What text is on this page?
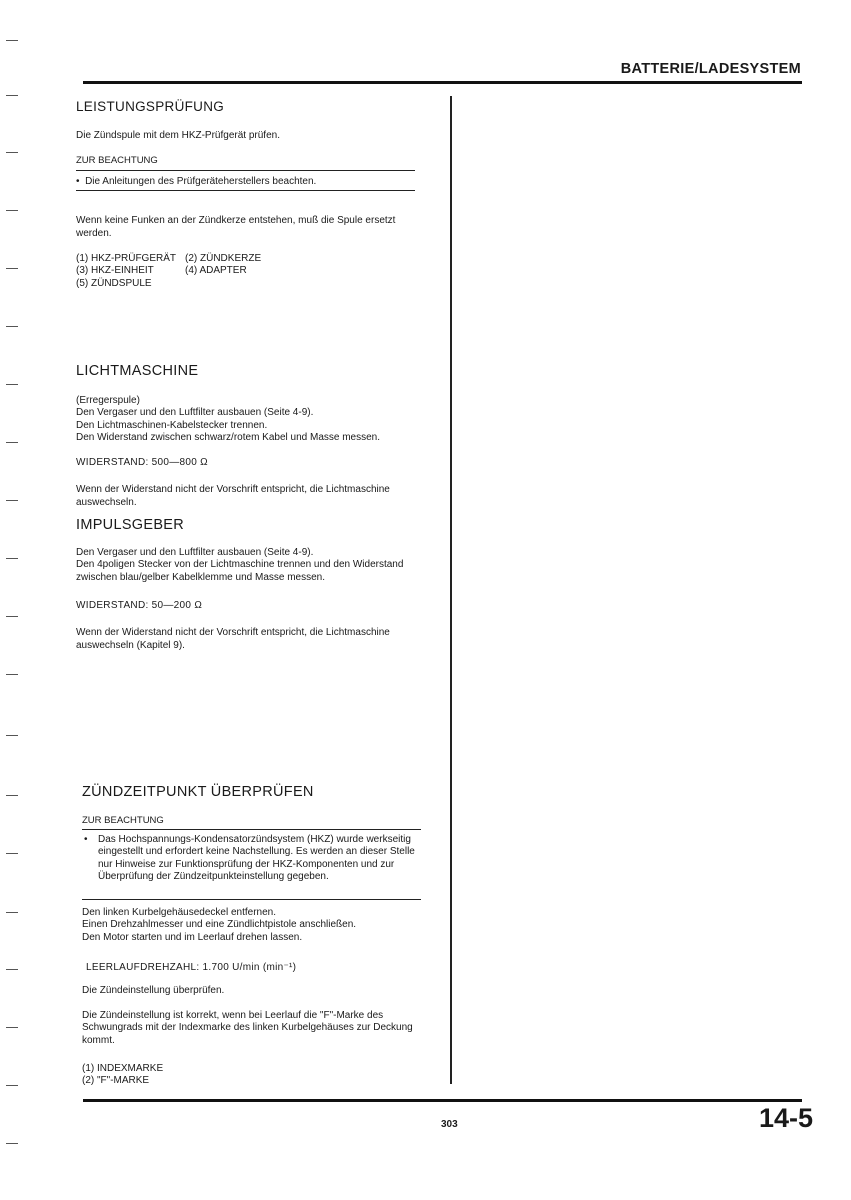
BATTERIE/LADESYSTEM
LEISTUNGSPRÜFUNG
Die Zündspule mit dem HKZ-Prüfgerät prüfen.
ZUR BEACHTUNG
•  Die Anleitungen des Prüfgeräteherstellers beachten.
Wenn keine Funken an der Zündkerze entstehen, muß die Spule ersetzt werden.
(1) HKZ-PRÜFGERÄT
(3) HKZ-EINHEIT
(5) ZÜNDSPULE
(2) ZÜNDKERZE
(4) ADAPTER
LICHTMASCHINE
(Erregerspule)
Den Vergaser und den Luftfilter ausbauen (Seite 4-9).
Den Lichtmaschinen-Kabelstecker trennen.
Den Widerstand zwischen schwarz/rotem Kabel und Masse messen.
WIDERSTAND: 500—800 Ω
Wenn der Widerstand nicht der Vorschrift entspricht, die Lichtmaschine auswechseln.
IMPULSGEBER
Den Vergaser und den Luftfilter ausbauen (Seite 4-9).
Den 4poligen Stecker von der Lichtmaschine trennen und den Widerstand zwischen blau/gelber Kabelklemme und Masse messen.
WIDERSTAND: 50—200 Ω
Wenn der Widerstand nicht der Vorschrift entspricht, die Lichtmaschine auswechseln (Kapitel 9).
ZÜNDZEITPUNKT ÜBERPRÜFEN
ZUR BEACHTUNG
• Das Hochspannungs-Kondensatorzündsystem (HKZ) wurde werkseitig eingestellt und erfordert keine Nachstellung. Es werden an dieser Stelle nur Hinweise zur Funktionsprüfung der HKZ-Komponenten und zur Überprüfung der Zündzeitpunkteinstellung gegeben.
Den linken Kurbelgehäusedeckel entfernen.
Einen Drehzahlmesser und eine Zündlichtpistole anschließen.
Den Motor starten und im Leerlauf drehen lassen.
LEERLAUFDREHZAHL: 1.700 U/min (min⁻¹)
Die Zündeinstellung überprüfen.
Die Zündeinstellung ist korrekt, wenn bei Leerlauf die "F"-Marke des Schwungrads mit der Indexmarke des linken Kurbelgehäuses zur Deckung kommt.
(1) INDEXMARKE
(2) "F"-MARKE
303	14-5
